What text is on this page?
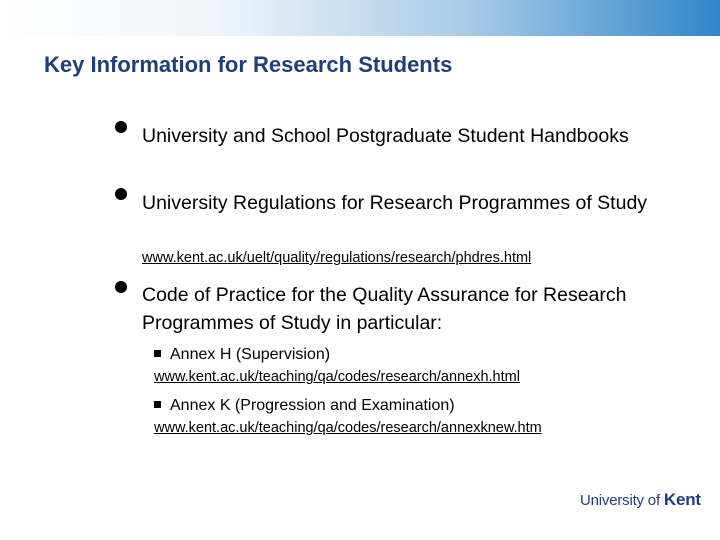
Key Information for Research Students

University and School Postgraduate Student Handbooks

University Regulations for Research Programmes of Study

www.kent.ac.uk/uelt/quality/regulations/research/phdres.html

Code of Practice for the Quality Assurance for Research Programmes of Study in particular:

Annex H (Supervision)
www.kent.ac.uk/teaching/qa/codes/research/annexh.html
Annex K (Progression and Examination)
www.kent.ac.uk/teaching/qa/codes/research/annexknew.htm
University of Kent
